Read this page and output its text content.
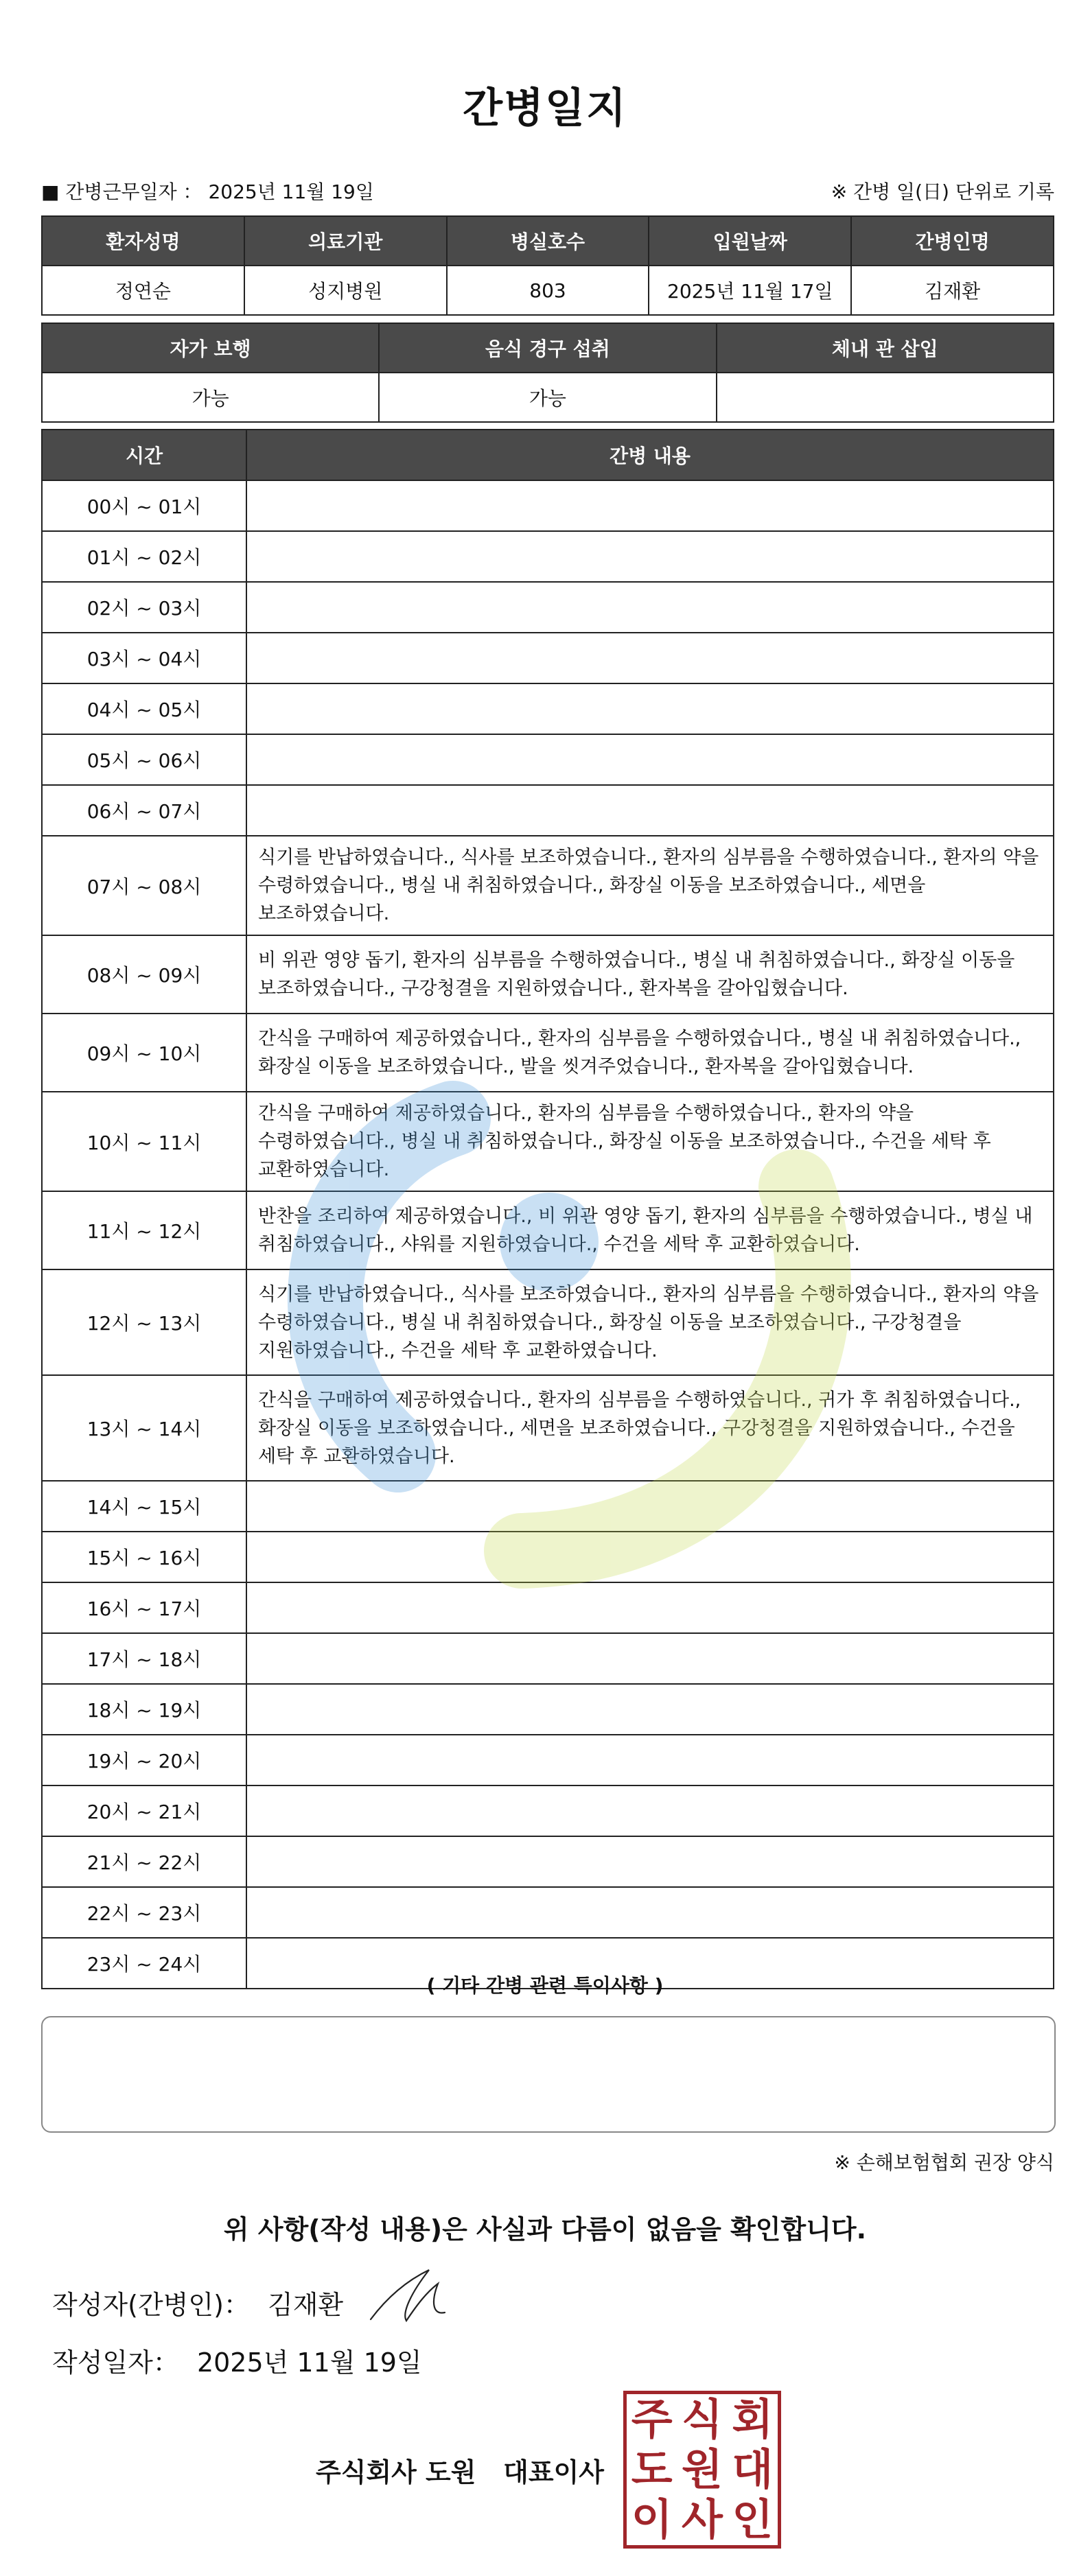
간병일지
■ 간병근무일자 ： 2025년 11월 19일	※ 간병 일(日) 단위로 기록
환자성명	의료기관	병실호수	입원날짜	간병인명
정연순	성지병원	803	2025년 11월 17일	김재환
자가 보행	음식 경구 섭취	체내 관 삽입
가능	가능	
시간	간병 내용
00시 ~ 01시	
01시 ~ 02시	
02시 ~ 03시	
03시 ~ 04시	
04시 ~ 05시	
05시 ~ 06시	
06시 ~ 07시	
07시 ~ 08시	식기를 반납하였습니다., 식사를 보조하였습니다., 환자의 심부름을 수행하였습니다., 환자의 약을 수령하였습니다., 병실 내 취침하였습니다., 화장실 이동을 보조하였습니다., 세면을 보조하였습니다.
08시 ~ 09시	비 위관 영양 돕기, 환자의 심부름을 수행하였습니다., 병실 내 취침하였습니다., 화장실 이동을 보조하였습니다., 구강청결을 지원하였습니다., 환자복을 갈아입혔습니다.
09시 ~ 10시	간식을 구매하여 제공하였습니다., 환자의 심부름을 수행하였습니다., 병실 내 취침하였습니다., 화장실 이동을 보조하였습니다., 발을 씻겨주었습니다., 환자복을 갈아입혔습니다.
10시 ~ 11시	간식을 구매하여 제공하였습니다., 환자의 심부름을 수행하였습니다., 환자의 약을 수령하였습니다., 병실 내 취침하였습니다., 화장실 이동을 보조하였습니다., 수건을 세탁 후 교환하였습니다.
11시 ~ 12시	반찬을 조리하여 제공하였습니다., 비 위관 영양 돕기, 환자의 심부름을 수행하였습니다., 병실 내 취침하였습니다., 샤워를 지원하였습니다., 수건을 세탁 후 교환하였습니다.
12시 ~ 13시	식기를 반납하였습니다., 식사를 보조하였습니다., 환자의 심부름을 수행하였습니다., 환자의 약을 수령하였습니다., 병실 내 취침하였습니다., 화장실 이동을 보조하였습니다., 구강청결을 지원하였습니다., 수건을 세탁 후 교환하였습니다.
13시 ~ 14시	간식을 구매하여 제공하였습니다., 환자의 심부름을 수행하였습니다., 귀가 후 취침하였습니다., 화장실 이동을 보조하였습니다., 세면을 보조하였습니다., 구강청결을 지원하였습니다., 수건을 세탁 후 교환하였습니다.
14시 ~ 15시	
15시 ~ 16시	
16시 ~ 17시	
17시 ~ 18시	
18시 ~ 19시	
19시 ~ 20시	
20시 ~ 21시	
21시 ~ 22시	
22시 ~ 23시	
23시 ~ 24시	
( 기타 간병 관련 특이사항 )
※ 손해보험협회 권장 양식
위 사항(작성 내용)은 사실과 다름이 없음을 확인합니다.
작성자(간병인)： 김재환
작성일자： 2025년 11월 19일
주식회사 도원   대표이사
주 식 회
도 원 대
이 사 인
